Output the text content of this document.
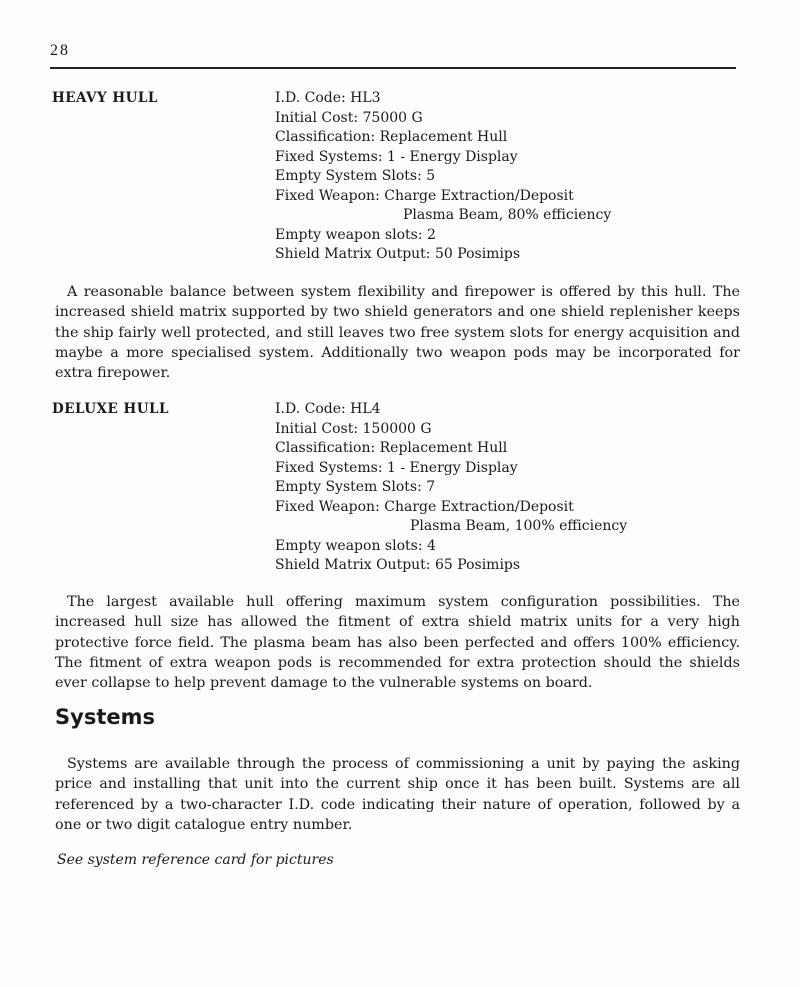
28
HEAVY HULL	I.D. Code: HL3
Initial Cost: 75000 G
Classification: Replacement Hull
Fixed Systems: 1 - Energy Display
Empty System Slots: 5
Fixed Weapon: Charge Extraction/Deposit
Plasma Beam, 80% efficiency
Empty weapon slots: 2
Shield Matrix Output: 50 Posimips

A reasonable balance between system flexibility and firepower is offered by this hull. The increased shield matrix supported by two shield generators and one shield replenisher keeps the ship fairly well protected, and still leaves two free system slots for energy acquisition and maybe a more specialised system. Additionally two weapon pods may be incorporated for extra firepower.

DELUXE HULL	I.D. Code: HL4
Initial Cost: 150000 G
Classification: Replacement Hull
Fixed Systems: 1 - Energy Display
Empty System Slots: 7
Fixed Weapon: Charge Extraction/Deposit
Plasma Beam, 100% efficiency
Empty weapon slots: 4
Shield Matrix Output: 65 Posimips

The largest available hull offering maximum system configuration possibilities. The increased hull size has allowed the fitment of extra shield matrix units for a very high protective force field. The plasma beam has also been perfected and offers 100% efficiency. The fitment of extra weapon pods is recommended for extra protection should the shields ever collapse to help prevent damage to the vulnerable systems on board.

Systems

Systems are available through the process of commissioning a unit by paying the asking price and installing that unit into the current ship once it has been built. Systems are all referenced by a two-character I.D. code indicating their nature of operation, followed by a one or two digit catalogue entry number.

See system reference card for pictures
